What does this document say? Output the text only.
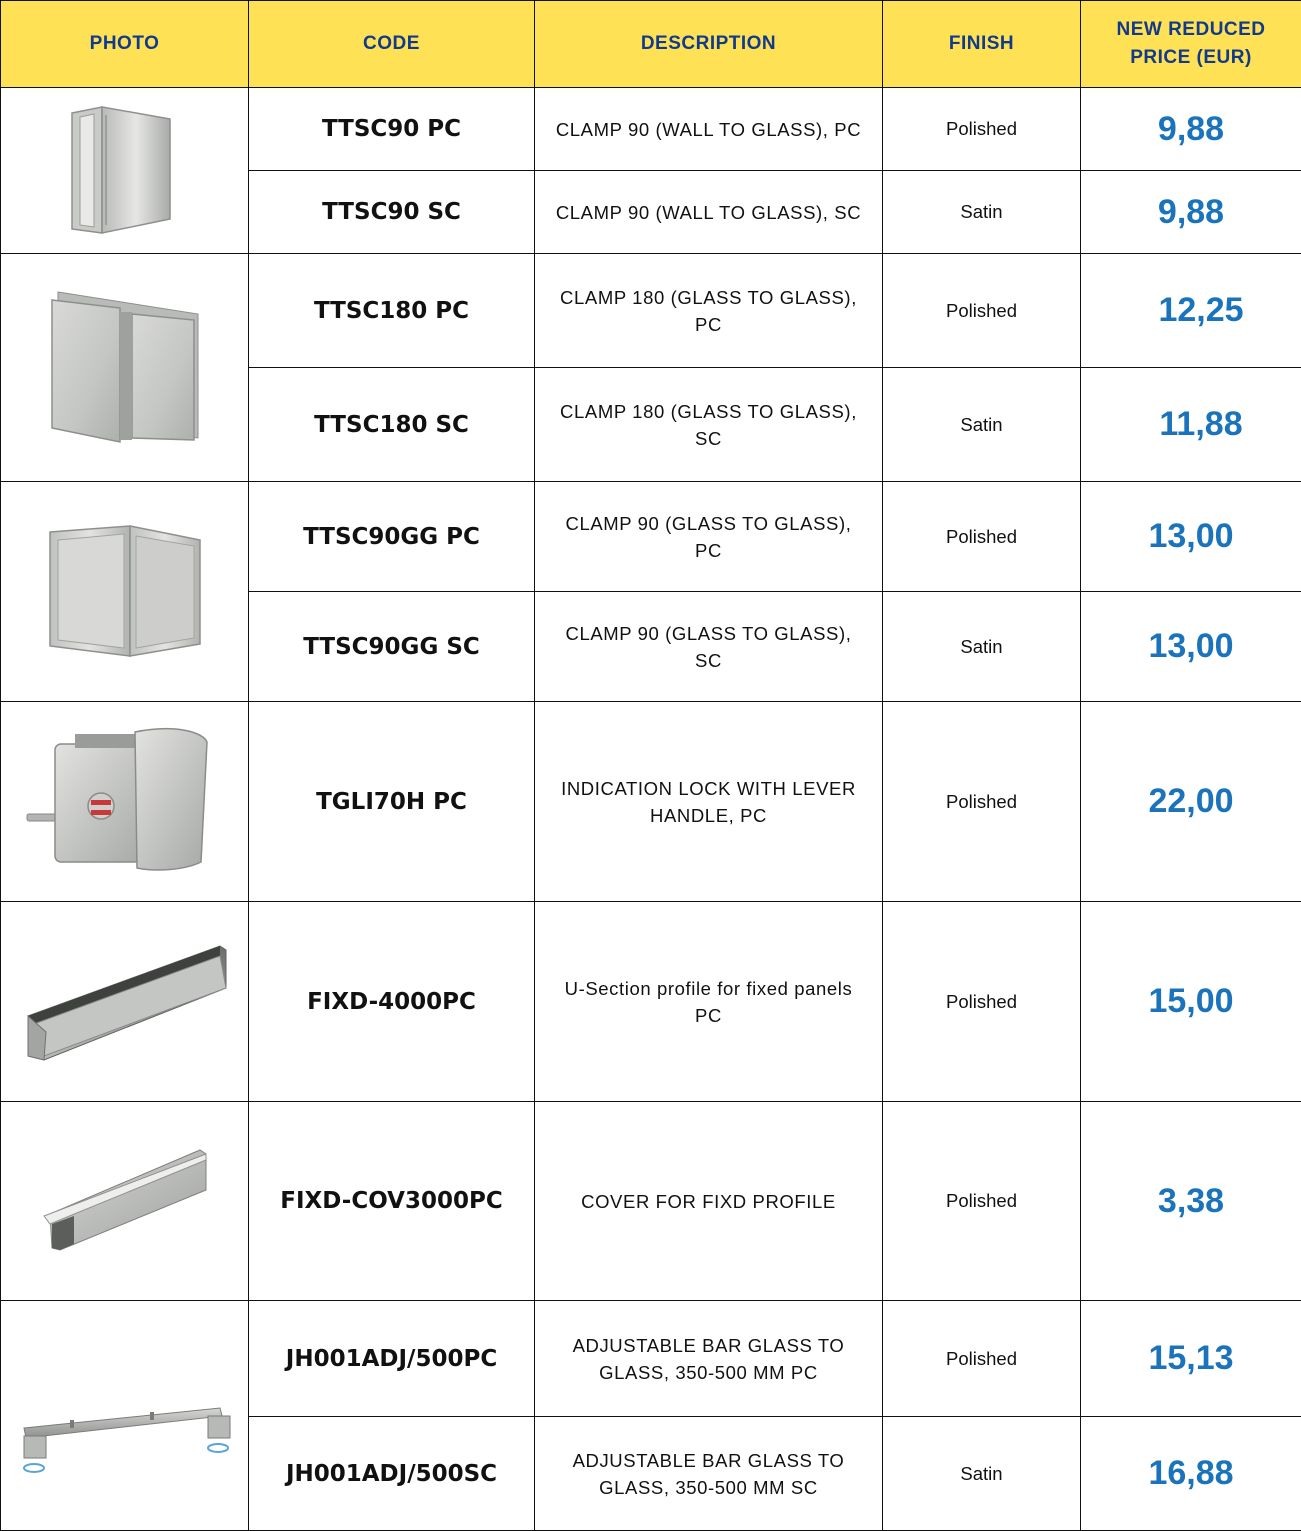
PHOTO	CODE	DESCRIPTION	FINISH	NEW REDUCED
PRICE (EUR)

	TTSC90 PC	CLAMP 90 (WALL TO GLASS), PC	Polished	9,88
	TTSC90 SC	CLAMP 90 (WALL TO GLASS), SC	Satin	9,88

	TTSC180 PC	CLAMP 180 (GLASS TO GLASS),
PC	Polished	12,25
	TTSC180 SC	CLAMP 180 (GLASS TO GLASS),
SC	Satin	11,88

	TTSC90GG PC	CLAMP 90 (GLASS TO GLASS),
PC	Polished	13,00
	TTSC90GG SC	CLAMP 90 (GLASS TO GLASS),
SC	Satin	13,00

	TGLI70H PC	INDICATION LOCK WITH LEVER
HANDLE, PC	Polished	22,00

	FIXD-4000PC	U-Section profile for fixed panels
PC	Polished	15,00

	FIXD-COV3000PC	COVER FOR FIXD PROFILE	Polished	3,38

	JH001ADJ/500PC	ADJUSTABLE BAR GLASS TO
GLASS, 350-500 MM PC	Polished	15,13
	JH001ADJ/500SC	ADJUSTABLE BAR GLASS TO
GLASS, 350-500 MM SC	Satin	16,88
